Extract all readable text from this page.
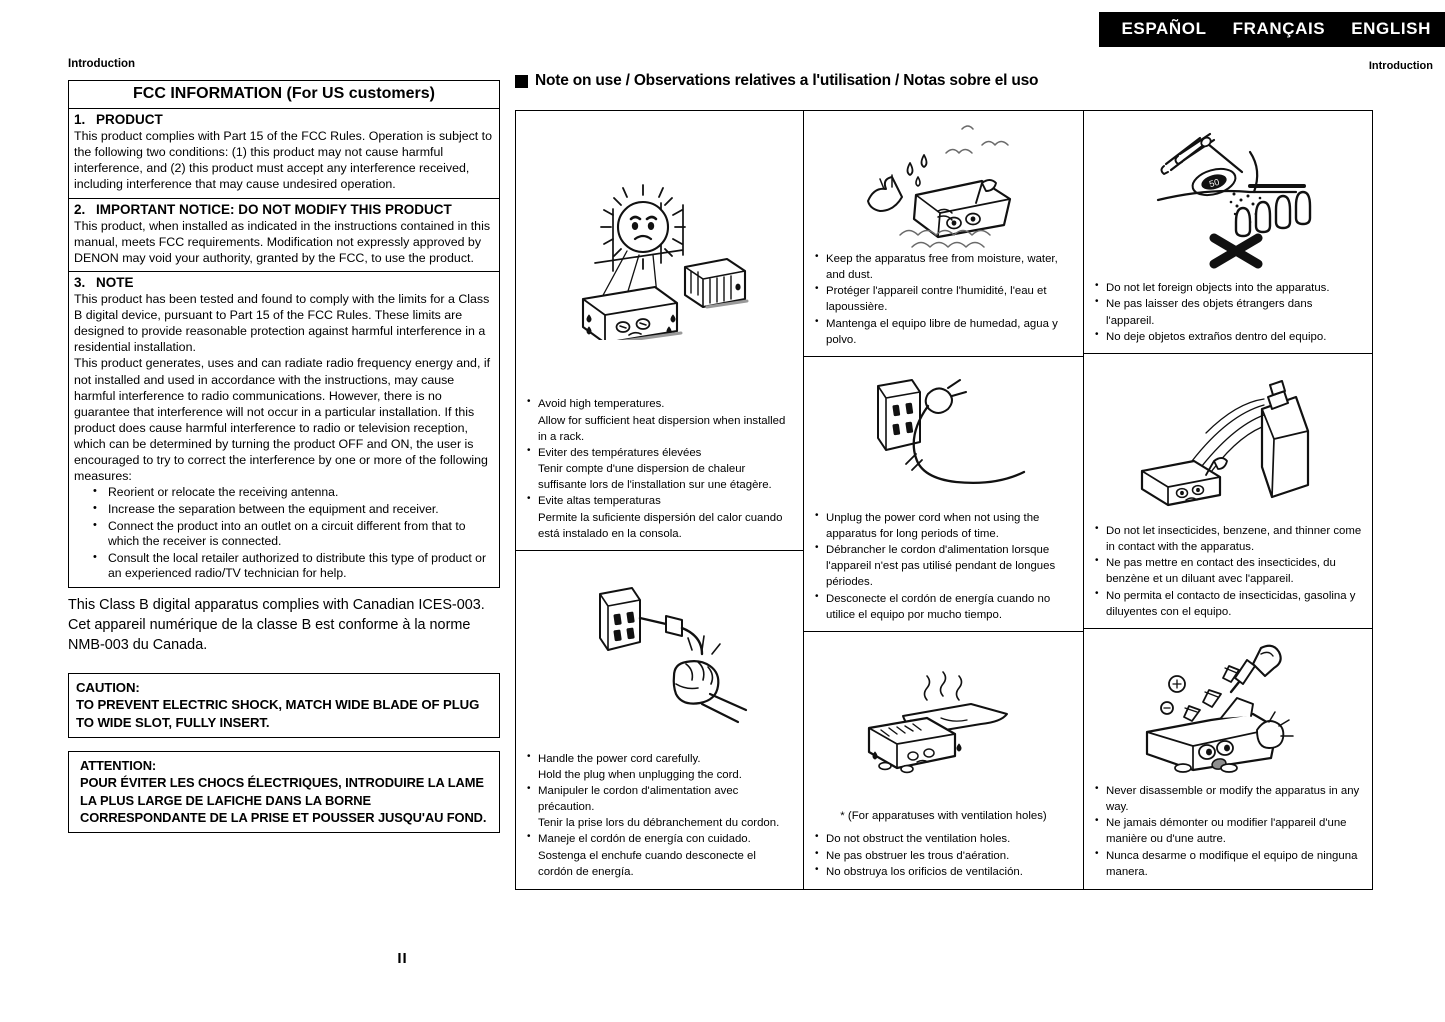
ESPAÑOL FRANÇAIS ENGLISH
Introduction	Introduction
FCC INFORMATION (For US customers)
1. PRODUCT

This product complies with Part 15 of the FCC Rules. Operation is subject to the following two conditions: (1) this product may not cause harmful interference, and (2) this product must accept any interference received, including interference that may cause undesired operation.

2. IMPORTANT NOTICE: DO NOT MODIFY THIS PRODUCT

This product, when installed as indicated in the instructions contained in this manual, meets FCC requirements. Modification not expressly approved by DENON may void your authority, granted by the FCC, to use the product.

3. NOTE

This product has been tested and found to comply with the limits for a Class B digital device, pursuant to Part 15 of the FCC Rules. These limits are designed to provide reasonable protection against harmful interference in a residential installation.

This product generates, uses and can radiate radio frequency energy and, if not installed and used in accordance with the instructions, may cause harmful interference to radio communications. However, there is no guarantee that interference will not occur in a particular installation. If this product does cause harmful interference to radio or television reception, which can be determined by turning the product OFF and ON, the user is encouraged to try to correct the interference by one or more of the following measures:

• Reorient or relocate the receiving antenna.
• Increase the separation between the equipment and receiver.
• Connect the product into an outlet on a circuit different from that to which the receiver is connected.
• Consult the local retailer authorized to distribute this type of product or an experienced radio/TV technician for help.

This Class B digital apparatus complies with Canadian ICES-003.
Cet appareil numérique de la classe B est conforme à la norme
NMB-003 du Canada.

CAUTION:

TO PREVENT ELECTRIC SHOCK, MATCH WIDE BLADE OF PLUG

TO WIDE SLOT, FULLY INSERT.

ATTENTION:

POUR ÉVITER LES CHOCS ÉLECTRIQUES, INTRODUIRE LA LAME

LA PLUS LARGE DE LAFICHE DANS LA BORNE

CORRESPONDANTE DE LA PRISE ET POUSSER JUSQU'AU FOND.

Note on use / Observations relatives a l'utilisation / Notas sobre el uso
• Avoid high temperatures.
Allow for sufficient heat dispersion when installed in a rack.
• Eviter des températures élevées
Tenir compte d'une dispersion de chaleur suffisante lors de l'installation sur une étagère.
• Evite altas temperaturas
Permite la suficiente dispersión del calor cuando está instalado en la consola.
• Handle the power cord carefully.
Hold the plug when unplugging the cord.
• Manipuler le cordon d'alimentation avec précaution.
Tenir la prise lors du débranchement du cordon.
• Maneje el cordón de energía con cuidado.
Sostenga el enchufe cuando desconecte el cordón de energía.
• Keep the apparatus free from moisture, water, and dust.
• Protéger l'appareil contre l'humidité, l'eau et lapoussière.
• Mantenga el equipo libre de humedad, agua y polvo.
• Unplug the power cord when not using the apparatus for long periods of time.
• Débrancher le cordon d'alimentation lorsque l'appareil n'est pas utilisé pendant de longues périodes.
• Desconecte el cordón de energía cuando no utilice el equipo por mucho tiempo.
* (For apparatuses with ventilation holes)
• Do not obstruct the ventilation holes.
• Ne pas obstruer les trous d'aération.
• No obstruya los orificios de ventilación.
50
• Do not let foreign objects into the apparatus.
• Ne pas laisser des objets étrangers dans l'appareil.
• No deje objetos extraños dentro del equipo.
• Do not let insecticides, benzene, and thinner come in contact with the apparatus.
• Ne pas mettre en contact des insecticides, du benzène et un diluant avec l'appareil.
• No permita el contacto de insecticidas, gasolina y diluyentes con el equipo.
• Never disassemble or modify the apparatus in any way.
• Ne jamais démonter ou modifier l'appareil d'une manière ou d'une autre.
• Nunca desarme o modifique el equipo de ninguna manera.
II
